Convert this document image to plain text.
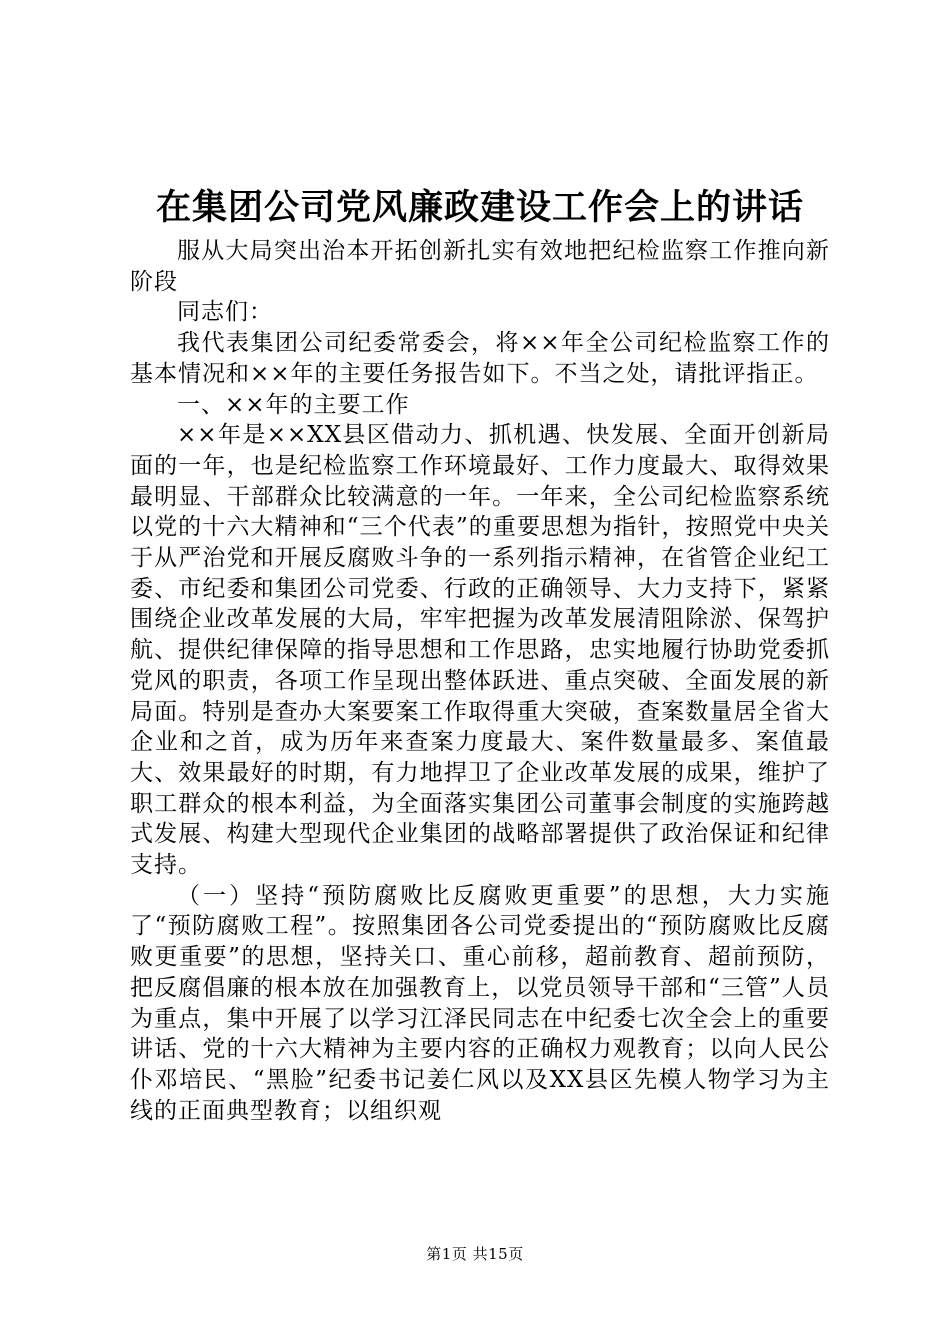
在集团公司党风廉政建设工作会上的讲话

服从大局突出治本开拓创新扎实有效地把纪检监察工作推向新阶段

同志们：

我代表集团公司纪委常委会，将××年全公司纪检监察工作的基本情况和××年的主要任务报告如下。不当之处，请批评指正。

一、××年的主要工作

××年是××XX县区借动力、抓机遇、快发展、全面开创新局面的一年，也是纪检监察工作环境最好、工作力度最大、取得效果最明显、干部群众比较满意的一年。一年来，全公司纪检监察系统以党的十六大精神和“三个代表”的重要思想为指针，按照党中央关于从严治党和开展反腐败斗争的一系列指示精神，在省管企业纪工委、市纪委和集团公司党委、行政的正确领导、大力支持下，紧紧围绕企业改革发展的大局，牢牢把握为改革发展清阻除淤、保驾护航、提供纪律保障的指导思想和工作思路，忠实地履行协助党委抓党风的职责，各项工作呈现出整体跃进、重点突破、全面发展的新局面。特别是查办大案要案工作取得重大突破，查案数量居全省大企业和之首，成为历年来查案力度最大、案件数量最多、案值最大、效果最好的时期，有力地捍卫了企业改革发展的成果，维护了职工群众的根本利益，为全面落实集团公司董事会制度的实施跨越式发展、构建大型现代企业集团的战略部署提供了政治保证和纪律支持。

（一）坚持“预防腐败比反腐败更重要”的思想，大力实施了“预防腐败工程”。按照集团各公司党委提出的“预防腐败比反腐败更重要”的思想，坚持关口、重心前移，超前教育、超前预防，把反腐倡廉的根本放在加强教育上，以党员领导干部和“三管”人员为重点，集中开展了以学习江泽民同志在中纪委七次全会上的重要讲话、党的十六大精神为主要内容的正确权力观教育；以向人民公仆邓培民、“黑脸”纪委书记姜仁风以及XX县区先模人物学习为主线的正面典型教育；以组织观

第1页 共15页
